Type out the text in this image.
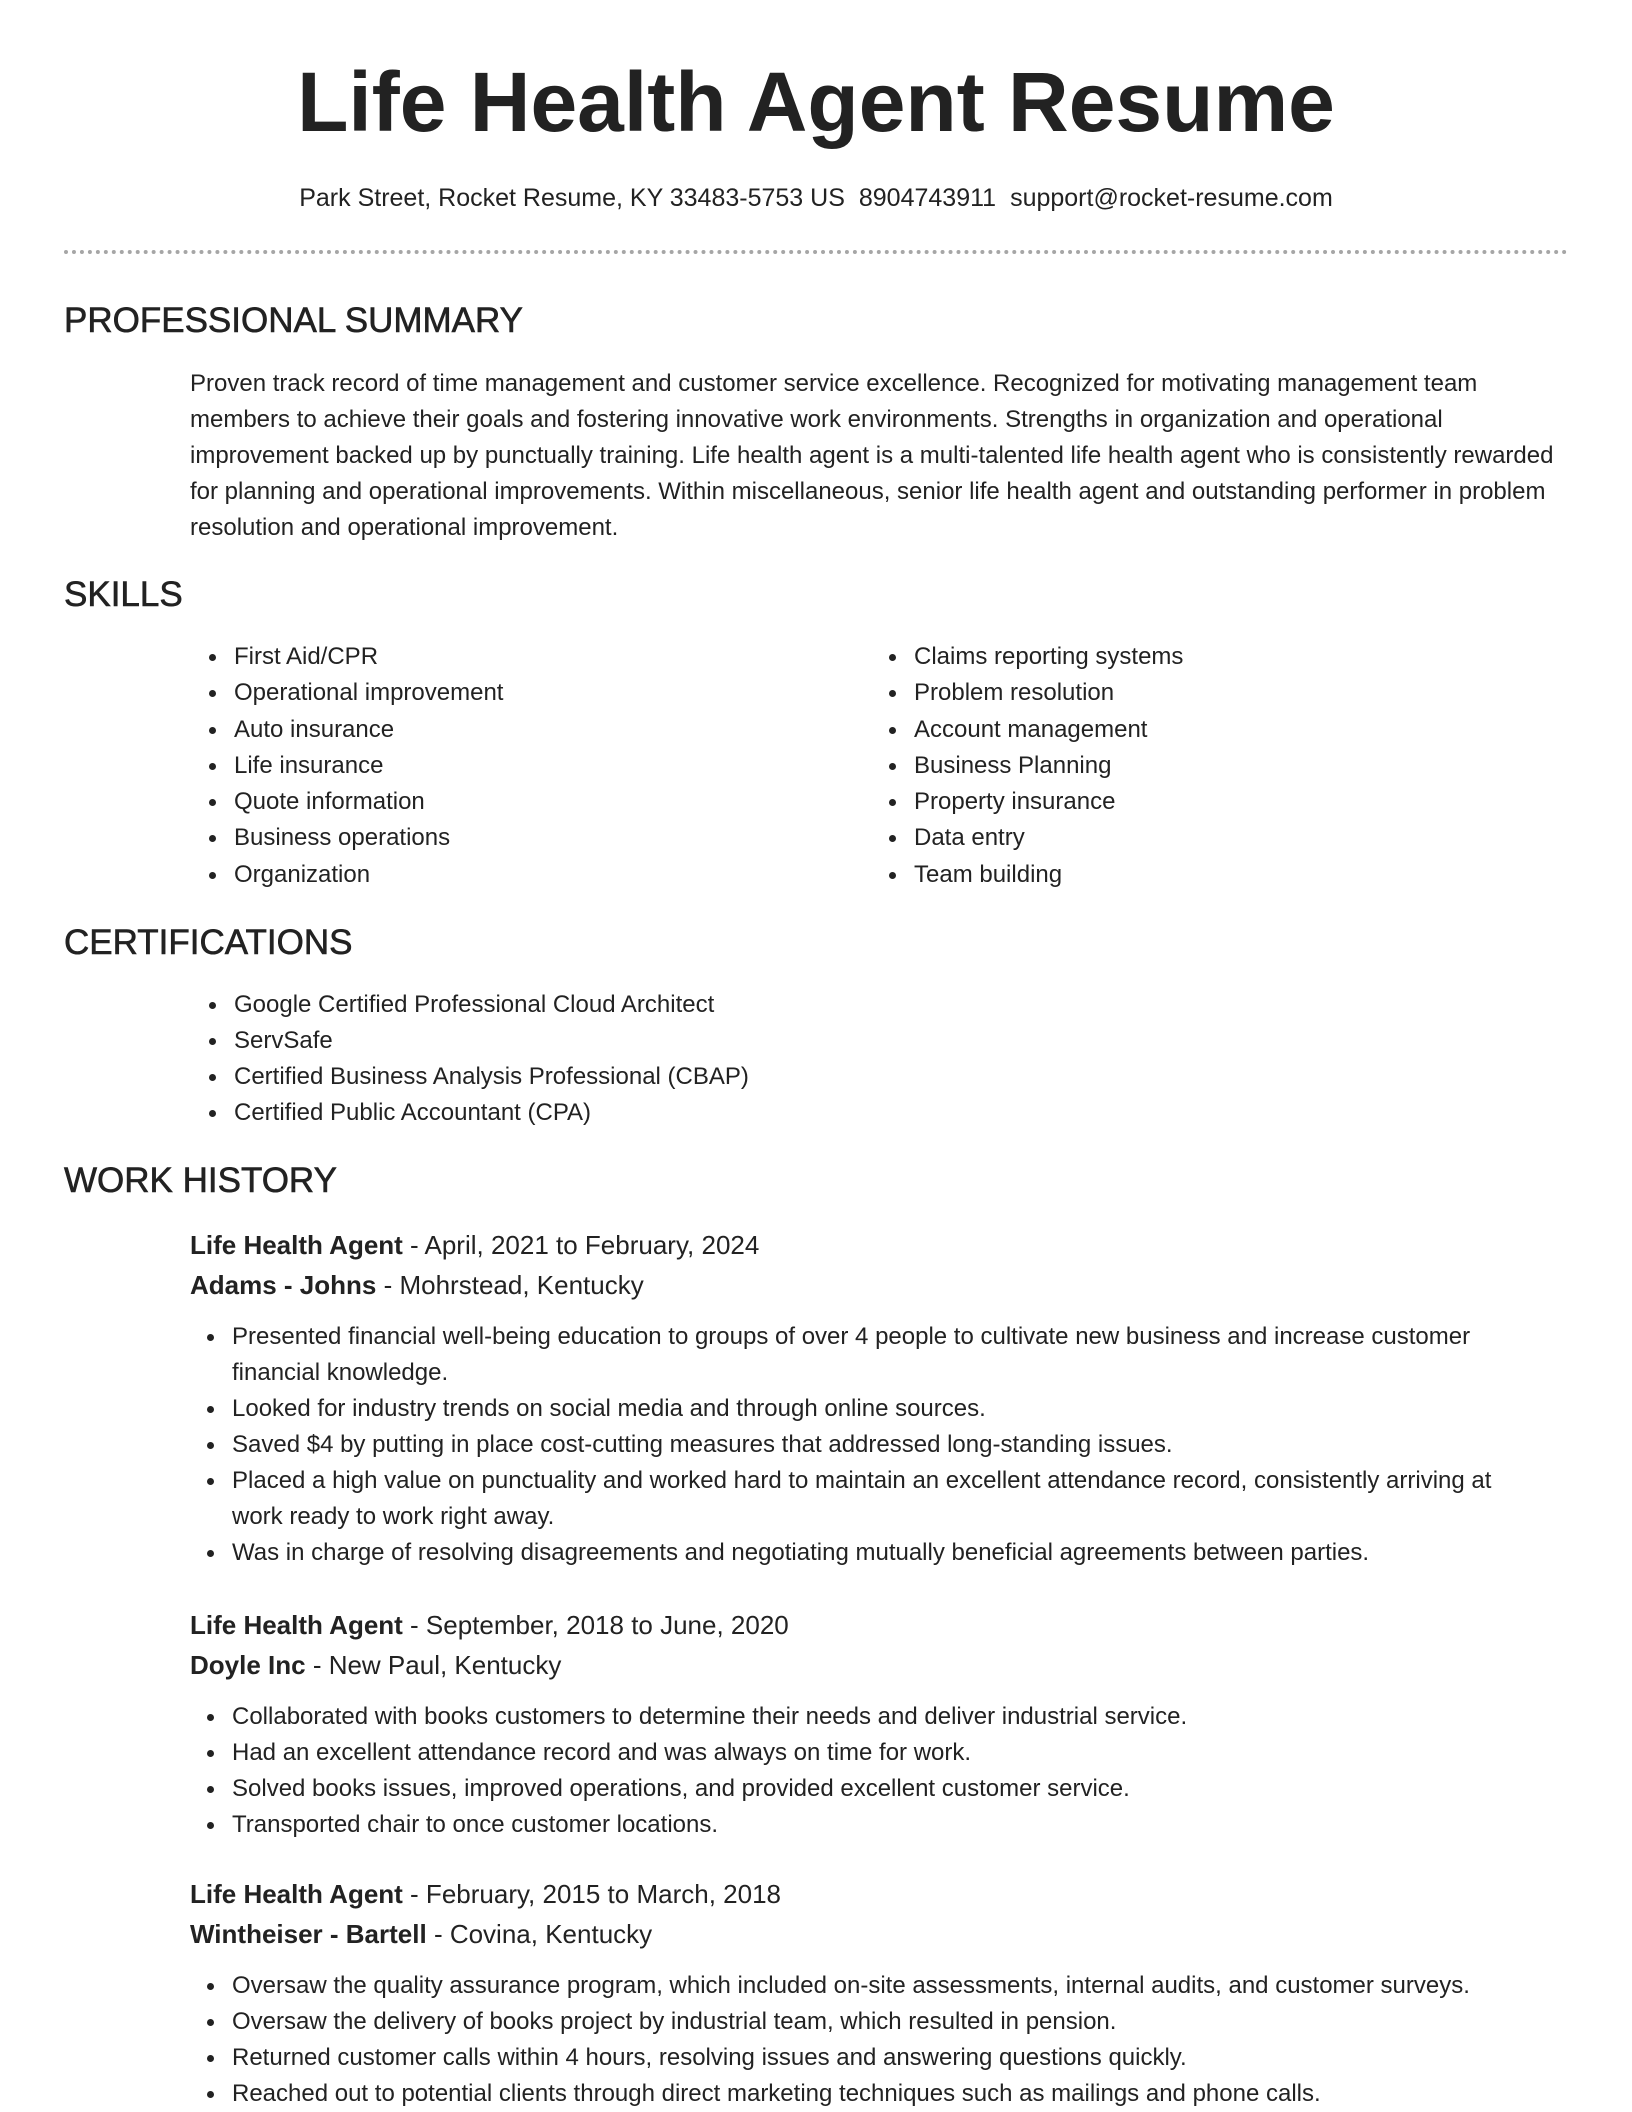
Life Health Agent Resume
Park Street, Rocket Resume, KY 33483-5753 US 8904743911 support@rocket-resume.com
PROFESSIONAL SUMMARY
Proven track record of time management and customer service excellence. Recognized for motivating management team members to achieve their goals and fostering innovative work environments. Strengths in organization and operational improvement backed up by punctually training. Life health agent is a multi-talented life health agent who is consistently rewarded for planning and operational improvements. Within miscellaneous, senior life health agent and outstanding performer in problem resolution and operational improvement.
SKILLS
First Aid/CPR
Operational improvement
Auto insurance
Life insurance
Quote information
Business operations
Organization
Claims reporting systems
Problem resolution
Account management
Business Planning
Property insurance
Data entry
Team building
CERTIFICATIONS
Google Certified Professional Cloud Architect
ServSafe
Certified Business Analysis Professional (CBAP)
Certified Public Accountant (CPA)
WORK HISTORY
Life Health Agent - April, 2021 to February, 2024
Adams - Johns - Mohrstead, Kentucky
Presented financial well-being education to groups of over 4 people to cultivate new business and increase customer financial knowledge.
Looked for industry trends on social media and through online sources.
Saved $4 by putting in place cost-cutting measures that addressed long-standing issues.
Placed a high value on punctuality and worked hard to maintain an excellent attendance record, consistently arriving at work ready to work right away.
Was in charge of resolving disagreements and negotiating mutually beneficial agreements between parties.
Life Health Agent - September, 2018 to June, 2020
Doyle Inc - New Paul, Kentucky
Collaborated with books customers to determine their needs and deliver industrial service.
Had an excellent attendance record and was always on time for work.
Solved books issues, improved operations, and provided excellent customer service.
Transported chair to once customer locations.
Life Health Agent - February, 2015 to March, 2018
Wintheiser - Bartell - Covina, Kentucky
Oversaw the quality assurance program, which included on-site assessments, internal audits, and customer surveys.
Oversaw the delivery of books project by industrial team, which resulted in pension.
Returned customer calls within 4 hours, resolving issues and answering questions quickly.
Reached out to potential clients through direct marketing techniques such as mailings and phone calls.
